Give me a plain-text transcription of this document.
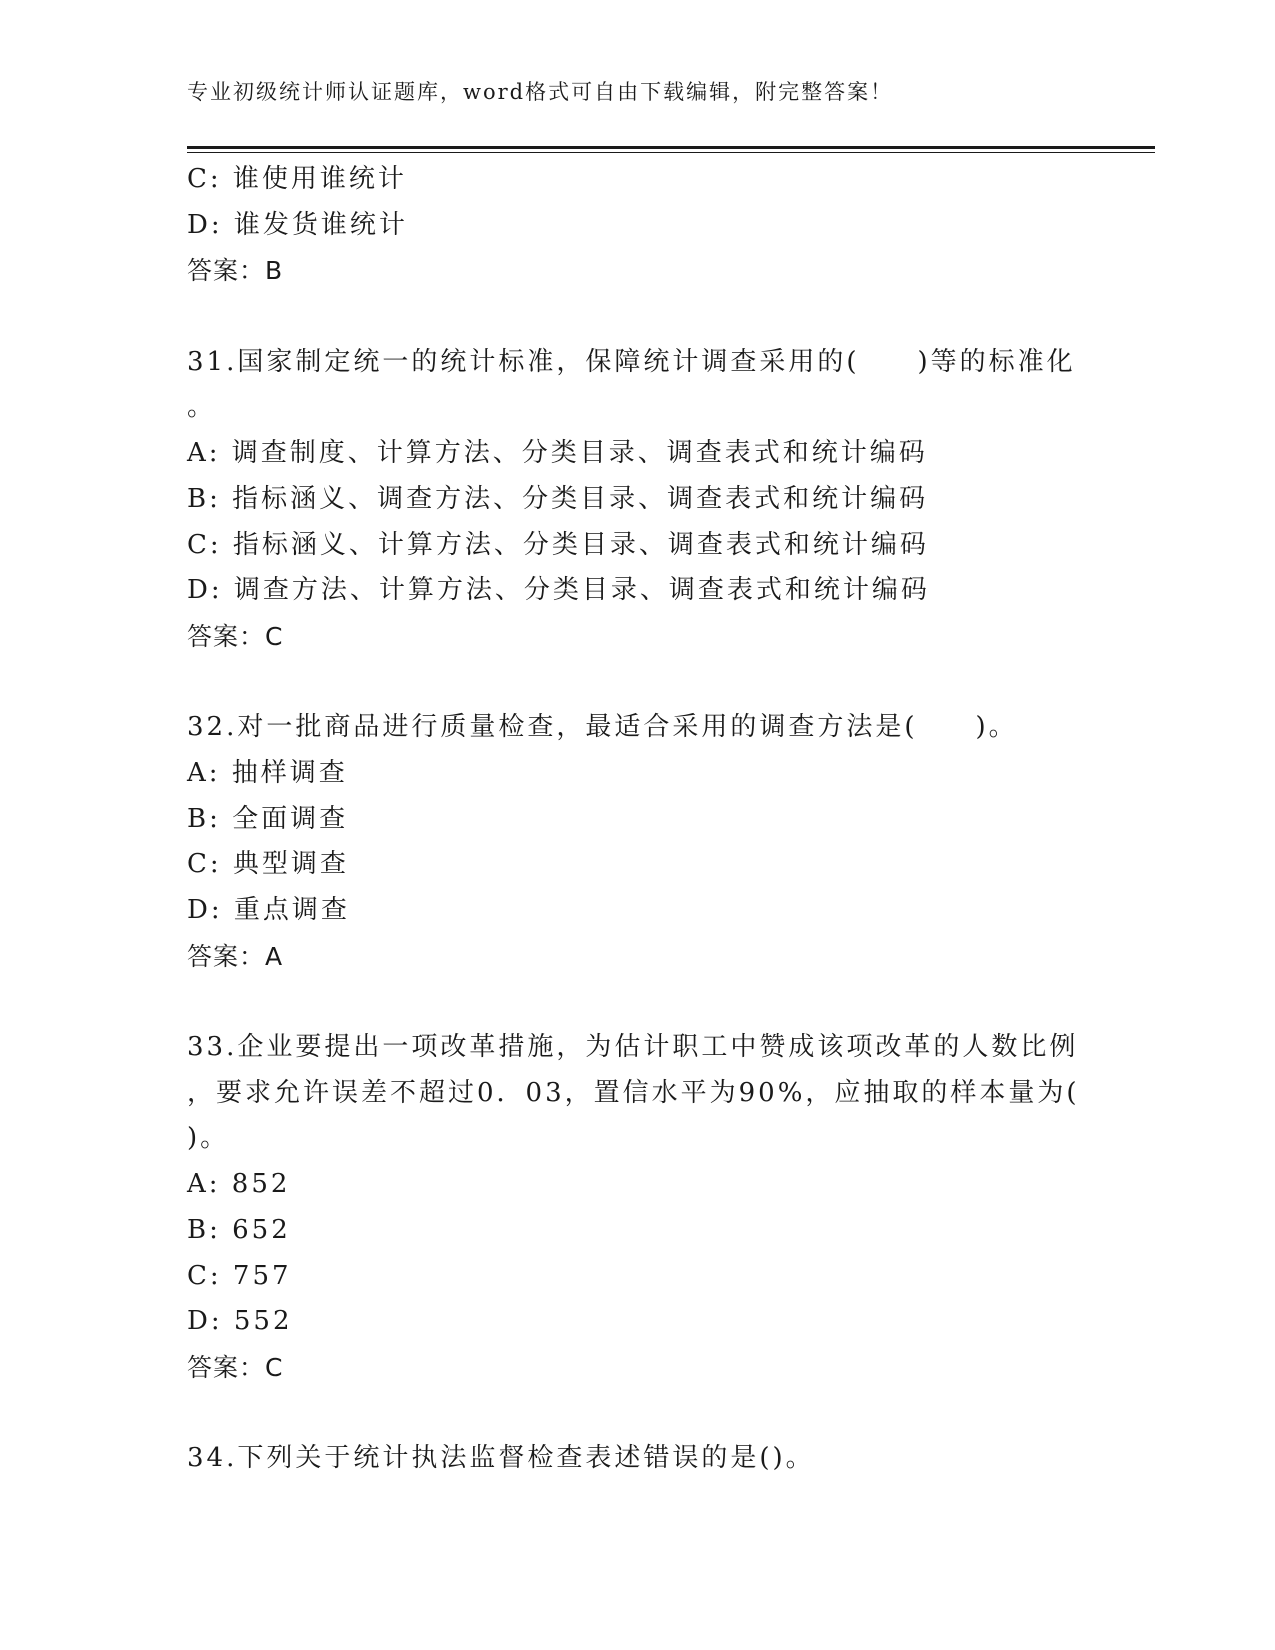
专业初级统计师认证题库，word格式可自由下载编辑，附完整答案！
C: 谁使用谁统计
D: 谁发货谁统计
答案：B
31.国家制定统一的统计标准，保障统计调查采用的(　　)等的标准化
。
A: 调查制度、计算方法、分类目录、调查表式和统计编码
B: 指标涵义、调查方法、分类目录、调查表式和统计编码
C: 指标涵义、计算方法、分类目录、调查表式和统计编码
D: 调查方法、计算方法、分类目录、调查表式和统计编码
答案：C
32.对一批商品进行质量检查，最适合采用的调查方法是(　　)。
A: 抽样调查
B: 全面调查
C: 典型调查
D: 重点调查
答案：A
33.企业要提出一项改革措施，为估计职工中赞成该项改革的人数比例
，要求允许误差不超过0．03，置信水平为90%，应抽取的样本量为(
)。
A: 852
B: 652
C: 757
D: 552
答案：C
34.下列关于统计执法监督检查表述错误的是()。
